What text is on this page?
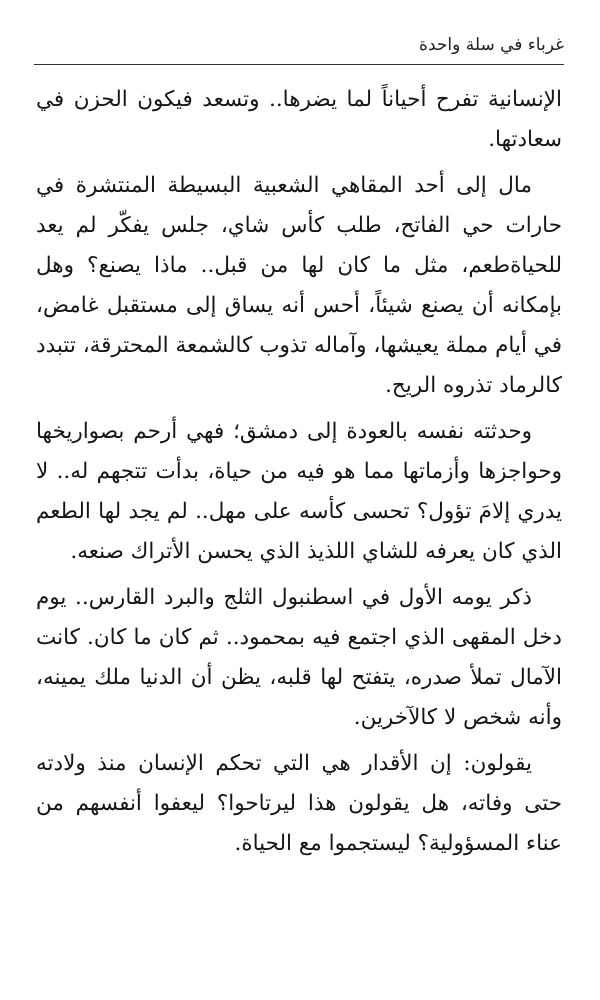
غرباء في سلة واحدة

الإنسانية تفرح أحياناً لما يضرها.. وتسعد فيكون الحزن في سعادتها.

مال إلى أحد المقاهي الشعبية البسيطة المنتشرة في حارات حي الفاتح، طلب كأس شاي، جلس يفكّر لم يعد للحياةطعم، مثل ما كان لها من قبل.. ماذا يصنع؟ وهل بإمكانه أن يصنع شيئاً، أحس أنه يساق إلى مستقبل غامض، في أيام مملة يعيشها، وآماله تذوب كالشمعة المحترقة، تتبدد كالرماد تذروه الريح.

وحدثته نفسه بالعودة إلى دمشق؛ فهي أرحم بصواريخها وحواجزها وأزماتها مما هو فيه من حياة، بدأت تتجهم له.. لا يدري إلامَ تؤول؟ تحسى كأسه على مهل.. لم يجد لها الطعم الذي كان يعرفه للشاي اللذيذ الذي يحسن الأتراك صنعه.

ذكر يومه الأول في اسطنبول الثلج والبرد القارس.. يوم دخل المقهى الذي اجتمع فيه بمحمود.. ثم كان ما كان. كانت الآمال تملأ صدره، يتفتح لها قلبه، يظن أن الدنيا ملك يمينه، وأنه شخص لا كالآخرين.

يقولون: إن الأقدار هي التي تحكم الإنسان منذ ولادته حتى وفاته، هل يقولون هذا ليرتاحوا؟ ليعفوا أنفسهم من عناء المسؤولية؟ ليستجموا مع الحياة.
